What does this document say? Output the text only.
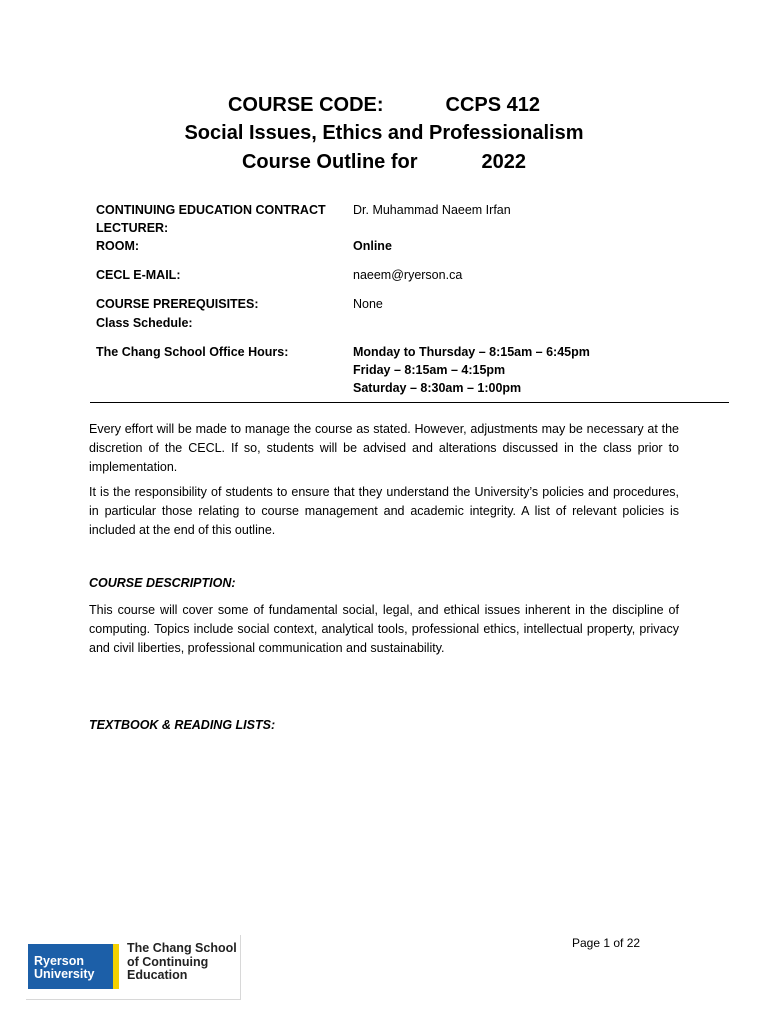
COURSE CODE:	CCPS 412
Social Issues, Ethics and Professionalism
Course Outline for	2022
CONTINUING EDUCATION CONTRACT LECTURER:
Dr. Muhammad Naeem Irfan
ROOM:	Online
CECL E-MAIL:	naeem@ryerson.ca
COURSE PREREQUISITES:	None
Class Schedule:
The Chang School Office Hours:	Monday to Thursday – 8:15am – 6:45pm
Friday – 8:15am – 4:15pm
Saturday – 8:30am – 1:00pm
Every effort will be made to manage the course as stated. However, adjustments may be necessary at the discretion of the CECL. If so, students will be advised and alterations discussed in the class prior to implementation.
It is the responsibility of students to ensure that they understand the University’s policies and procedures, in particular those relating to course management and academic integrity. A list of relevant policies is included at the end of this outline.
COURSE DESCRIPTION:
This course will cover some of fundamental social, legal, and ethical issues inherent in the discipline of computing. Topics include social context, analytical tools, professional ethics, intellectual property, privacy and civil liberties, professional communication and sustainability.
TEXTBOOK & READING LISTS:
Ryerson
University
The Chang School
of Continuing
Education
Page 1 of 22
